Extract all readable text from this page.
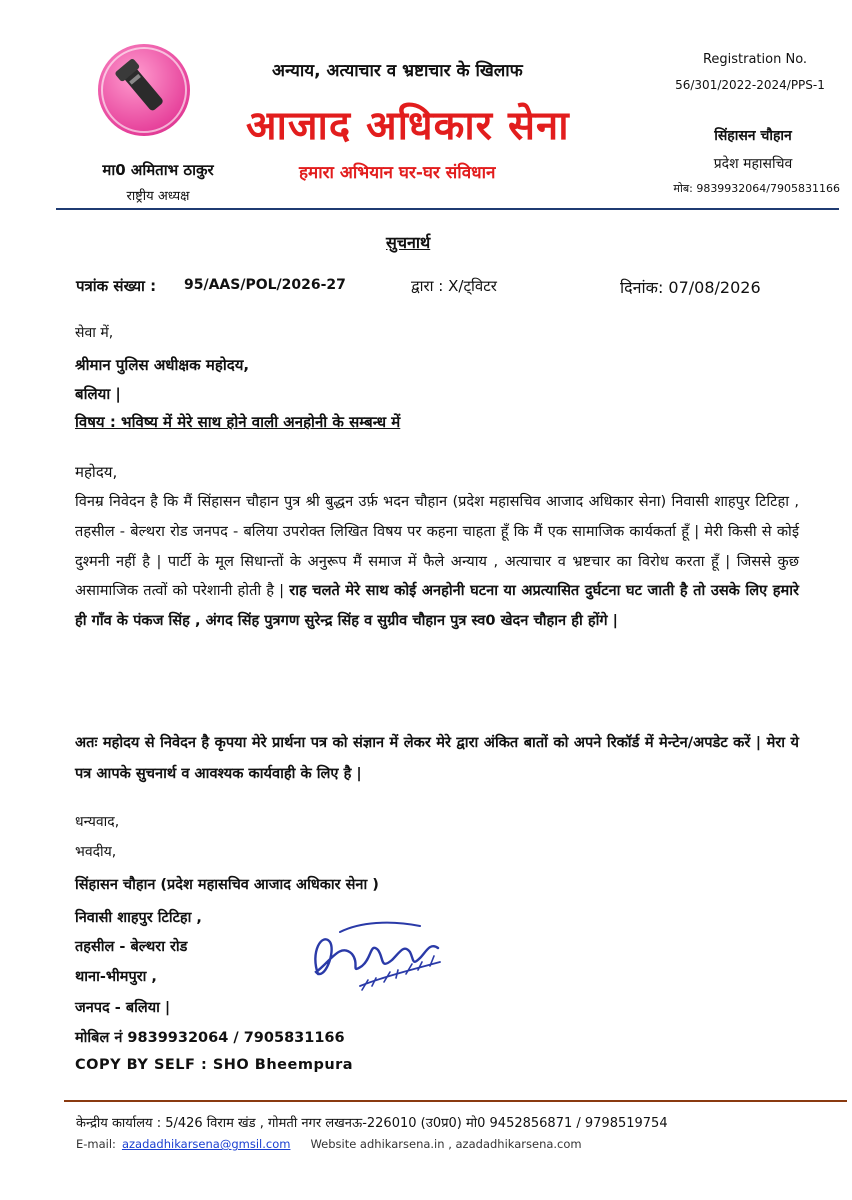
मा0 अमिताभ ठाकुर
राष्ट्रीय अध्यक्ष
अन्याय, अत्याचार व भ्रष्टाचार के खिलाफ
आजाद अधिकार सेना
हमारा अभियान घर-घर संविधान
Registration No.
56/301/2022-2024/PPS-1
सिंहासन चौहान
प्रदेश महासचिव
मोब: 9839932064/7905831166
सुचनार्थ
पत्रांक संख्या : 95/AAS/POL/2026-27	द्वारा : X/ट्विटर	दिनांक: 07/08/2026
सेवा में,
श्रीमान पुलिस अधीक्षक महोदय,
बलिया |
विषय : भविष्य में मेरे साथ होने वाली अनहोनी के सम्बन्ध में
महोदय,
विनम्र निवेदन है कि मैं सिंहासन चौहान पुत्र श्री बुद्धन उर्फ़ भदन चौहान (प्रदेश महासचिव आजाद अधिकार सेना) निवासी शाहपुर टिटिहा , तहसील - बेल्थरा रोड जनपद - बलिया उपरोक्त लिखित विषय पर कहना चाहता हूँ कि मैं एक सामाजिक कार्यकर्ता हूँ | मेरी किसी से कोई दुश्मनी नहीं है | पार्टी के मूल सिधान्तों के अनुरूप मैं समाज में फैले अन्याय , अत्याचार व भ्रष्टचार का विरोध करता हूँ | जिससे कुछ असामाजिक तत्वों को परेशानी होती है | राह चलते मेरे साथ कोई अनहोनी घटना या अप्रत्यासित दुर्घटना घट जाती है तो उसके लिए हमारे ही गाँव के पंकज सिंह , अंगद सिंह पुत्रगण सुरेन्द्र सिंह व सुग्रीव चौहान पुत्र स्व0 खेदन चौहान ही होंगे |
अतः महोदय से निवेदन है कृपया मेरे प्रार्थना पत्र को संज्ञान में लेकर मेरे द्वारा अंकित बातों को अपने रिकॉर्ड में मेन्टेन/अपडेट करें | मेरा ये पत्र आपके सुचनार्थ व आवश्यक कार्यवाही के लिए है |
धन्यवाद,
भवदीय,
सिंहासन चौहान (प्रदेश महासचिव आजाद अधिकार सेना )
निवासी शाहपुर टिटिहा ,
तहसील - बेल्थरा रोड
थाना-भीमपुरा ,
जनपद - बलिया |
मोबिल नं 9839932064 / 7905831166
COPY BY SELF : SHO Bheempura
केन्द्रीय कार्यालय : 5/426 विराम खंड , गोमती नगर लखनऊ-226010 (उ0प्र0) मो0 9452856871 / 9798519754
E-mail: azadadhikarsena@gmsil.com Website adhikarsena.in , azadadhikarsena.com
